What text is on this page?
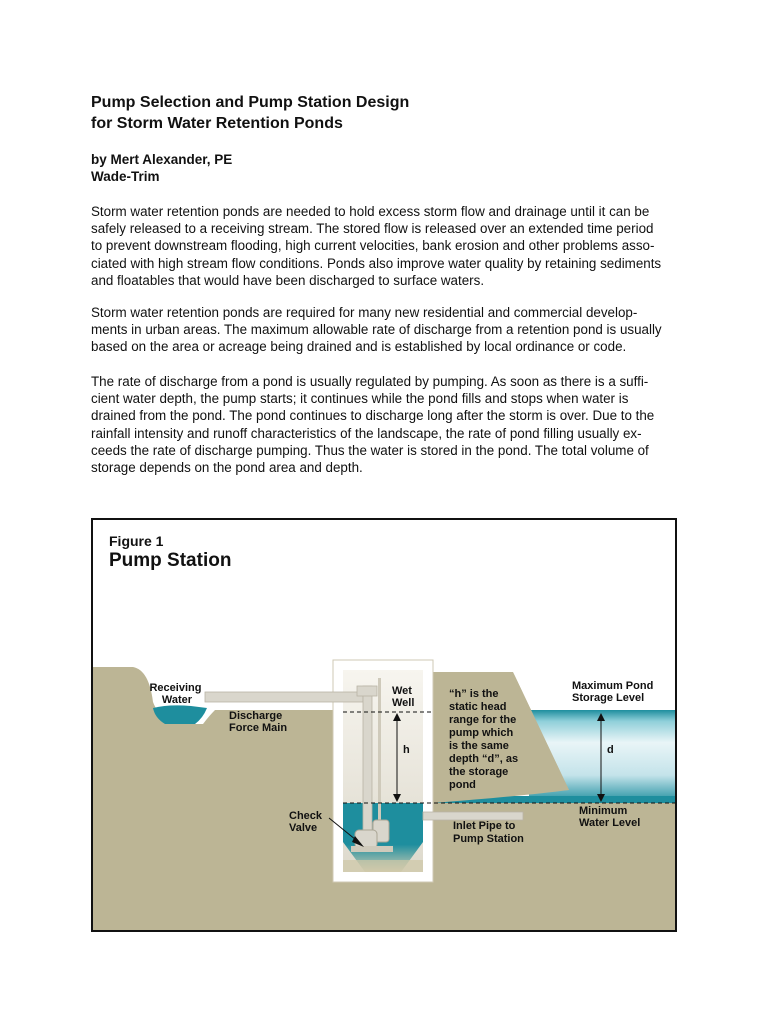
Pump Selection and Pump Station Design
for Storm Water Retention Ponds
by Mert Alexander, PE
Wade-Trim
Storm water retention ponds are needed to hold excess storm flow and drainage until it can be
safely released to a receiving stream. The stored flow is released over an extended time period
to prevent downstream flooding, high current velocities, bank erosion and other problems asso-
ciated with high stream flow conditions. Ponds also improve water quality by retaining sediments
and floatables that would have been discharged to surface waters.
Storm water retention ponds are required for many new residential and commercial develop-
ments in urban areas. The maximum allowable rate of discharge from a retention pond is usually
based on the area or acreage being drained and is established by local ordinance or code.
The rate of discharge from a pond is usually regulated by pumping. As soon as there is a suffi-
cient water depth, the pump starts; it continues while the pond fills and stops when water is
drained from the pond. The pond continues to discharge long after the storm is over. Due to the
rainfall intensity and runoff characteristics of the landscape, the rate of pond filling usually ex-
ceeds the rate of discharge pumping. Thus the water is stored in the pond. The total volume of
storage depends on the pond area and depth.
Receiving Water
Discharge Force Main
Wet Well
h
“h” is the static head range for the pump which is the same depth “d”, as the storage pond
Maximum Pond Storage Level
d
Minimum Water Level
Check Valve	Inlet Pipe to Pump Station
Figure 1
Pump Station
